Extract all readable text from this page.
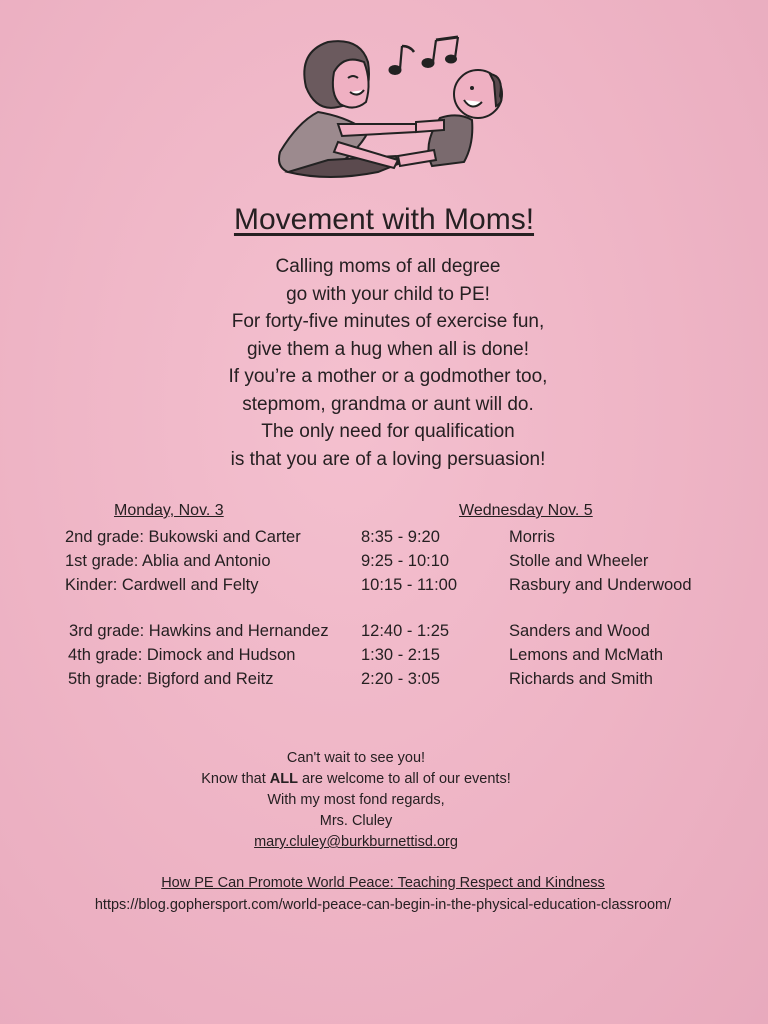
Movement with Moms!
Calling moms of all degree
go with your child to PE!
For forty-five minutes of exercise fun,
give them a hug when all is done!
If you’re a mother or a godmother too,
stepmom, grandma or aunt will do.
The only need for qualification
is that you are of a loving persuasion!
Monday, Nov. 3	Wednesday Nov. 5
2nd grade: Bukowski and Carter	8:35 - 9:20	Morris
1st grade: Ablia and Antonio	9:25 - 10:10	Stolle and Wheeler
Kinder: Cardwell and Felty	10:15 - 11:00	Rasbury and Underwood
3rd grade: Hawkins and Hernandez 12:40 - 1:25	Sanders and Wood
4th grade: Dimock and Hudson	1:30 - 2:15	Lemons and McMath
5th grade: Bigford and Reitz	2:20 - 3:05	Richards and Smith
Can't wait to see you!
Know that ALL are welcome to all of our events!
With my most fond regards,
Mrs. Cluley
mary.cluley@burkburnettisd.org
How PE Can Promote World Peace: Teaching Respect and Kindness
https://blog.gophersport.com/world-peace-can-begin-in-the-physical-education-classroom/
